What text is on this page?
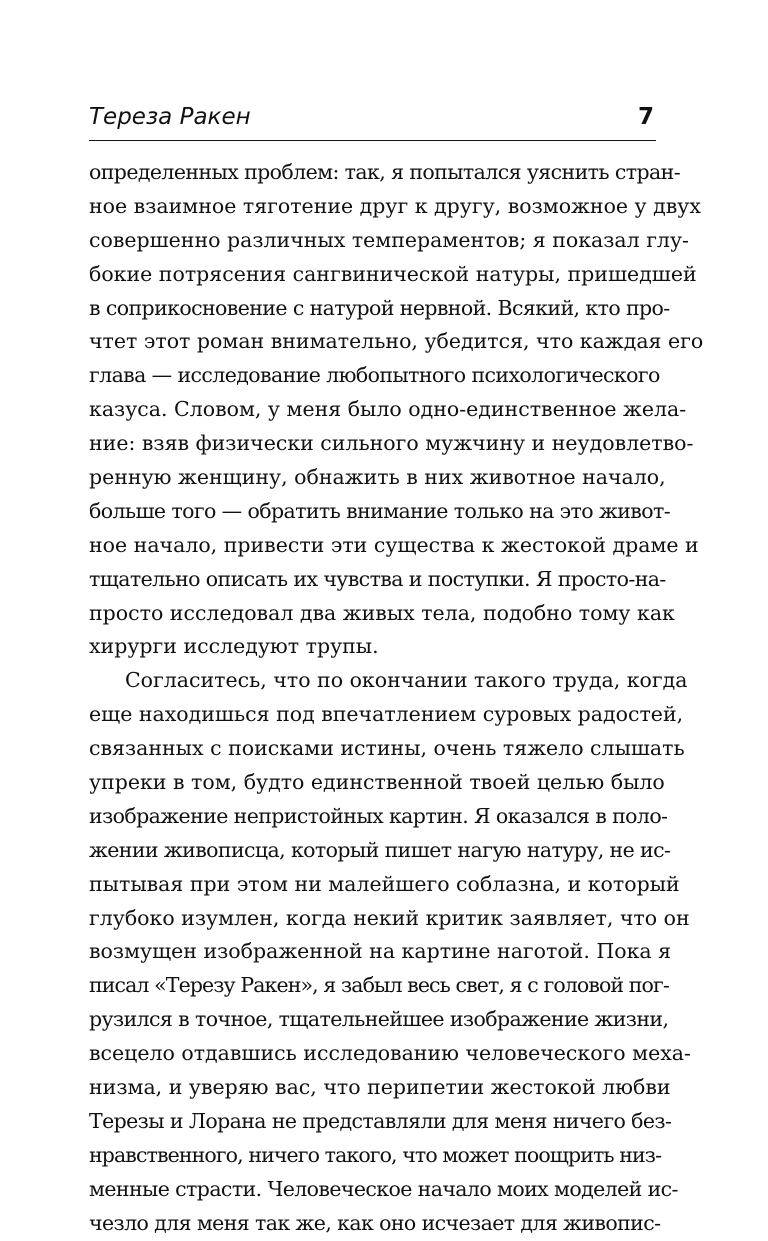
Тереза Ракен	7
определенных проблем: так, я попытался уяснить стран-
ное взаимное тяготение друг к другу, возможное у двух
совершенно различных темпераментов; я показал глу-
бокие потрясения сангвинической натуры, пришедшей
в соприкосновение с натурой нервной. Всякий, кто про-
чтет этот роман внимательно, убедится, что каждая его
глава — исследование любопытного психологического
казуса. Словом, у меня было одно-единственное жела-
ние: взяв физически сильного мужчину и неудовлетво-
ренную женщину, обнажить в них животное начало,
больше того — обратить внимание только на это живот-
ное начало, привести эти существа к жестокой драме и
тщательно описать их чувства и поступки. Я просто-на-
просто исследовал два живых тела, подобно тому как
хирурги исследуют трупы.
Согласитесь, что по окончании такого труда, когда
еще находишься под впечатлением суровых радостей,
связанных с поисками истины, очень тяжело слышать
упреки в том, будто единственной твоей целью было
изображение непристойных картин. Я оказался в поло-
жении живописца, который пишет нагую натуру, не ис-
пытывая при этом ни малейшего соблазна, и который
глубоко изумлен, когда некий критик заявляет, что он
возмущен изображенной на картине наготой. Пока я
писал «Терезу Ракен», я забыл весь свет, я с головой пог-
рузился в точное, тщательнейшее изображение жизни,
всецело отдавшись исследованию человеческого меха-
низма, и уверяю вас, что перипетии жестокой любви
Терезы и Лорана не представляли для меня ничего без-
нравственного, ничего такого, что может поощрить низ-
менные страсти. Человеческое начало моих моделей ис-
чезло для меня так же, как оно исчезает для живопис-
